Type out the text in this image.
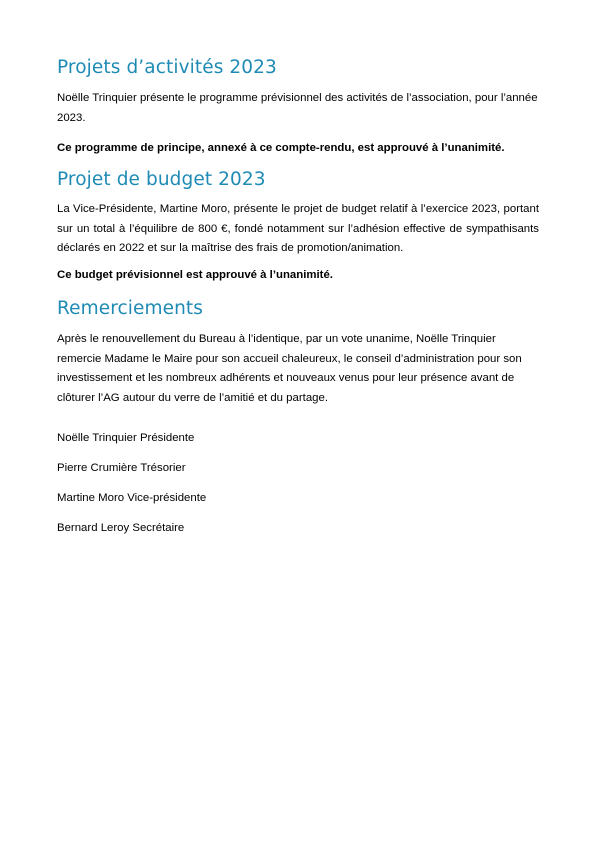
Projets d’activités 2023

Noëlle Trinquier présente le programme prévisionnel des activités de l’association, pour l’année 2023.

Ce programme de principe, annexé à ce compte-rendu, est approuvé à l’unanimité.

Projet de budget 2023

La Vice-Présidente, Martine Moro, présente le projet de budget relatif à l’exercice 2023, portant sur un total à l’équilibre de 800 €, fondé notamment sur l’adhésion effective de sympathisants déclarés en 2022 et sur la maîtrise des frais de promotion/animation.

Ce budget prévisionnel est approuvé à l’unanimité.

Remerciements

Après le renouvellement du Bureau à l’identique, par un vote unanime, Noëlle Trinquier remercie Madame le Maire pour son accueil chaleureux, le conseil d’administration pour son investissement et les nombreux adhérents et nouveaux venus pour leur présence avant de clôturer l’AG autour du verre de l’amitié et du partage.

Noëlle Trinquier Présidente

Pierre Crumière Trésorier

Martine Moro Vice-présidente

Bernard Leroy Secrétaire
